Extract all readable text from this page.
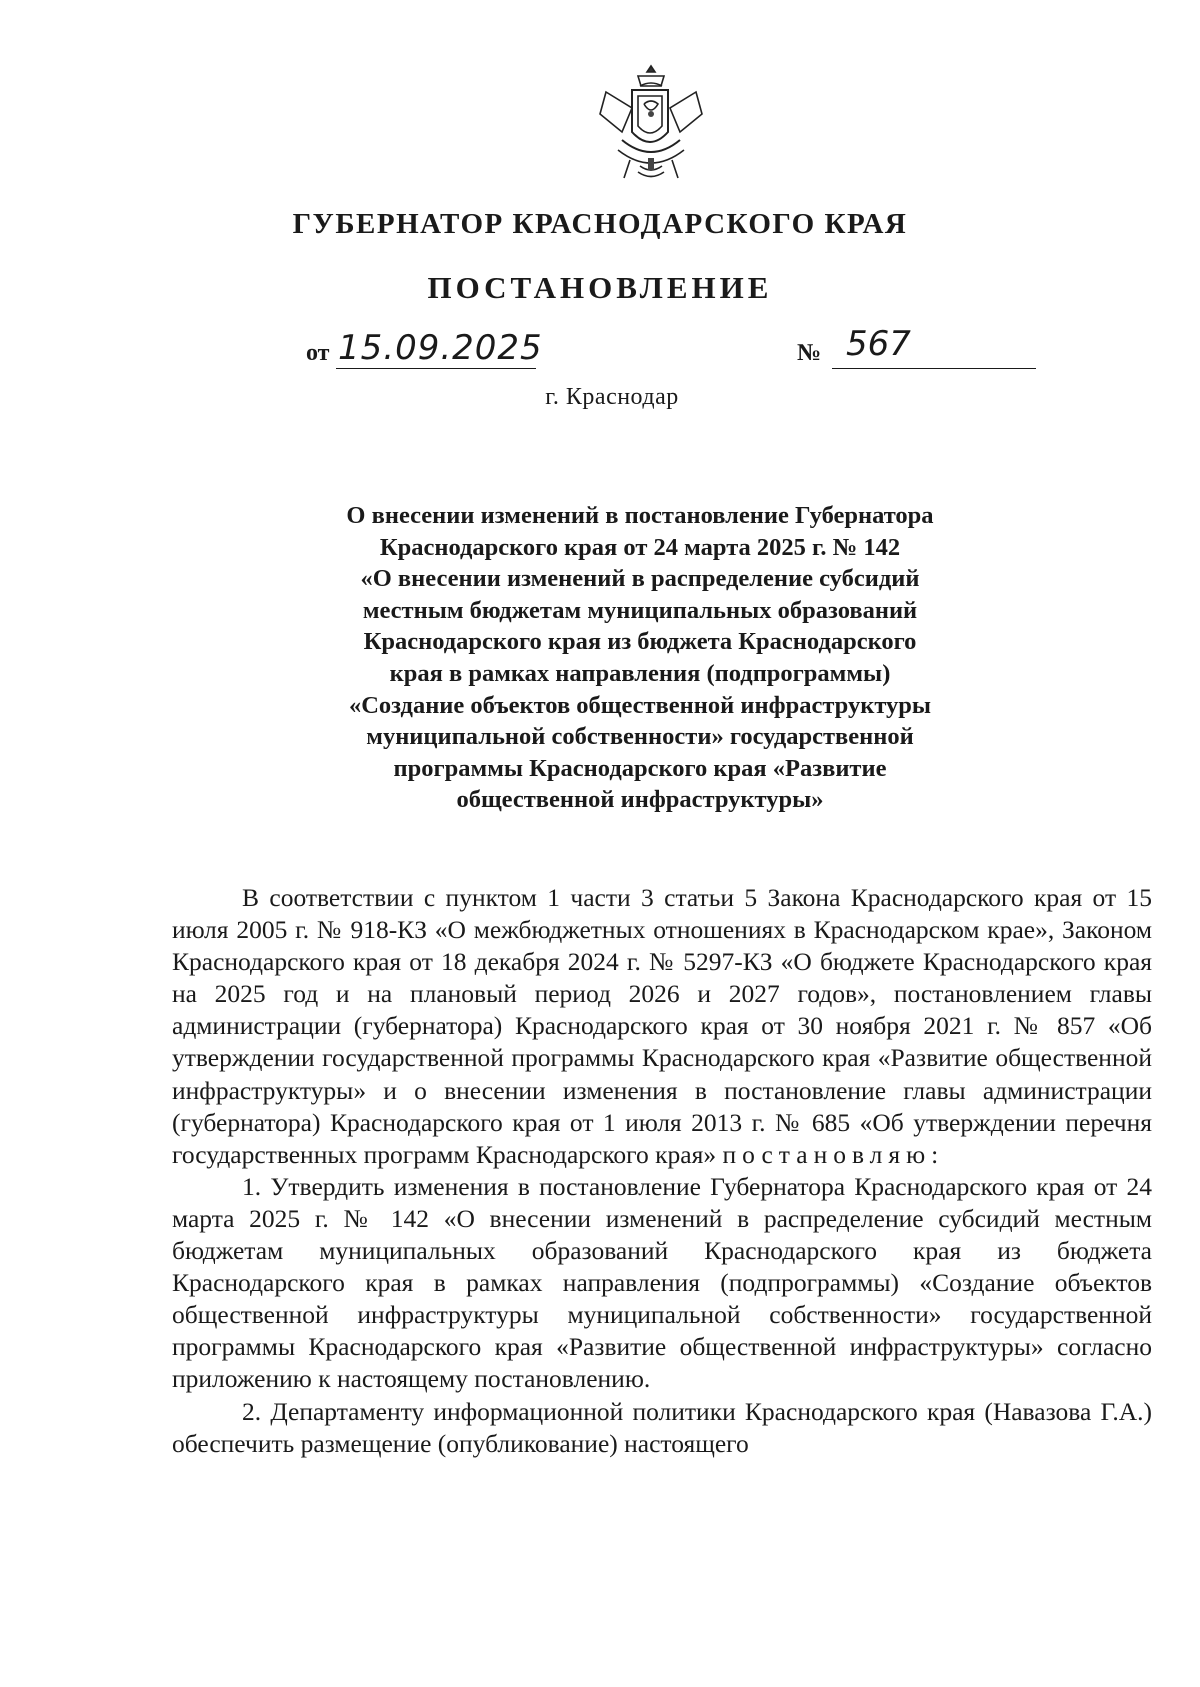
ГУБЕРНАТОР КРАСНОДАРСКОГО КРАЯ
ПОСТАНОВЛЕНИЕ
от 15.09.2025	№ 567
г. Краснодар
О внесении изменений в постановление Губернатора
Краснодарского края от 24 марта 2025 г. № 142
«О внесении изменений в распределение субсидий
местным бюджетам муниципальных образований
Краснодарского края из бюджета Краснодарского
края в рамках направления (подпрограммы)
«Создание объектов общественной инфраструктуры
муниципальной собственности» государственной
программы Краснодарского края «Развитие
общественной инфраструктуры»

В соответствии с пунктом 1 части 3 статьи 5 Закона Краснодарского края от 15 июля 2005 г. № 918-КЗ «О межбюджетных отношениях в Краснодарском крае», Законом Краснодарского края от 18 декабря 2024 г. № 5297-КЗ «О бюджете Краснодарского края на 2025 год и на плановый период 2026 и 2027 годов», постановлением главы администрации (губернатора) Краснодарского края от 30 ноября 2021 г. № 857 «Об утверждении государственной программы Краснодарского края «Развитие общественной инфраструктуры» и о внесении изменения в постановление главы администрации (губернатора) Краснодарского края от 1 июля 2013 г. № 685 «Об утверждении перечня государственных программ Краснодарского края» постановляю:

1. Утвердить изменения в постановление Губернатора Краснодарского края от 24 марта 2025 г. № 142 «О внесении изменений в распределение субсидий местным бюджетам муниципальных образований Краснодарского края из бюджета Краснодарского края в рамках направления (подпрограммы) «Создание объектов общественной инфраструктуры муниципальной собственности» государственной программы Краснодарского края «Развитие общественной инфраструктуры» согласно приложению к настоящему постановлению.

2. Департаменту информационной политики Краснодарского края (Навазова Г.А.) обеспечить размещение (опубликование) настоящего
